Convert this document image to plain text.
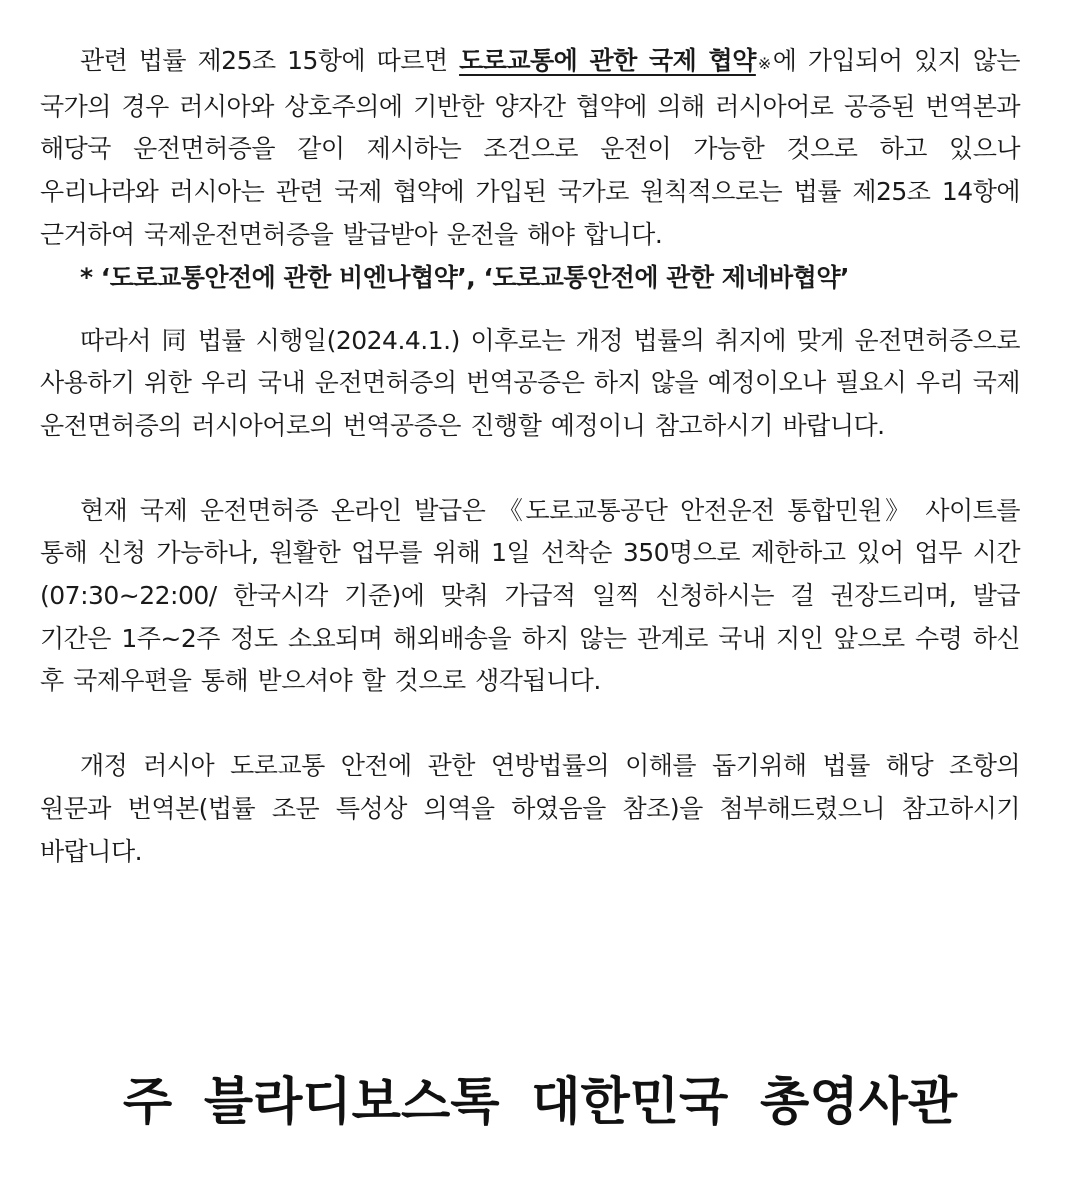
관련 법률 제25조 15항에 따르면 도로교통에 관한 국제 협약※에 가입되어 있지 않는 국가의 경우 러시아와 상호주의에 기반한 양자간 협약에 의해 러시아어로 공증된 번역본과 해당국 운전면허증을 같이 제시하는 조건으로 운전이 가능한 것으로 하고 있으나 우리나라와 러시아는 관련 국제 협약에 가입된 국가로 원칙적으로는 법률 제25조 14항에 근거하여 국제운전면허증을 발급받아 운전을 해야 합니다.

* ‘도로교통안전에 관한 비엔나협약’, ‘도로교통안전에 관한 제네바협약’

따라서 同 법률 시행일(2024.4.1.) 이후로는 개정 법률의 취지에 맞게 운전면허증으로 사용하기 위한 우리 국내 운전면허증의 번역공증은 하지 않을 예정이오나 필요시 우리 국제 운전면허증의 러시아어로의 번역공증은 진행할 예정이니 참고하시기 바랍니다.

현재 국제 운전면허증 온라인 발급은 《도로교통공단 안전운전 통합민원》 사이트를 통해 신청 가능하나, 원활한 업무를 위해 1일 선착순 350명으로 제한하고 있어 업무 시간(07:30~22:00/ 한국시각 기준)에 맞춰 가급적 일찍 신청하시는 걸 권장드리며, 발급 기간은 1주~2주 정도 소요되며 해외배송을 하지 않는 관계로 국내 지인 앞으로 수령 하신 후 국제우편을 통해 받으셔야 할 것으로 생각됩니다.

개정 러시아 도로교통 안전에 관한 연방법률의 이해를 돕기위해 법률 해당 조항의 원문과 번역본(법률 조문 특성상 의역을 하였음을 참조)을 첨부해드렸으니 참고하시기 바랍니다.

주 블라디보스톡 대한민국 총영사관
